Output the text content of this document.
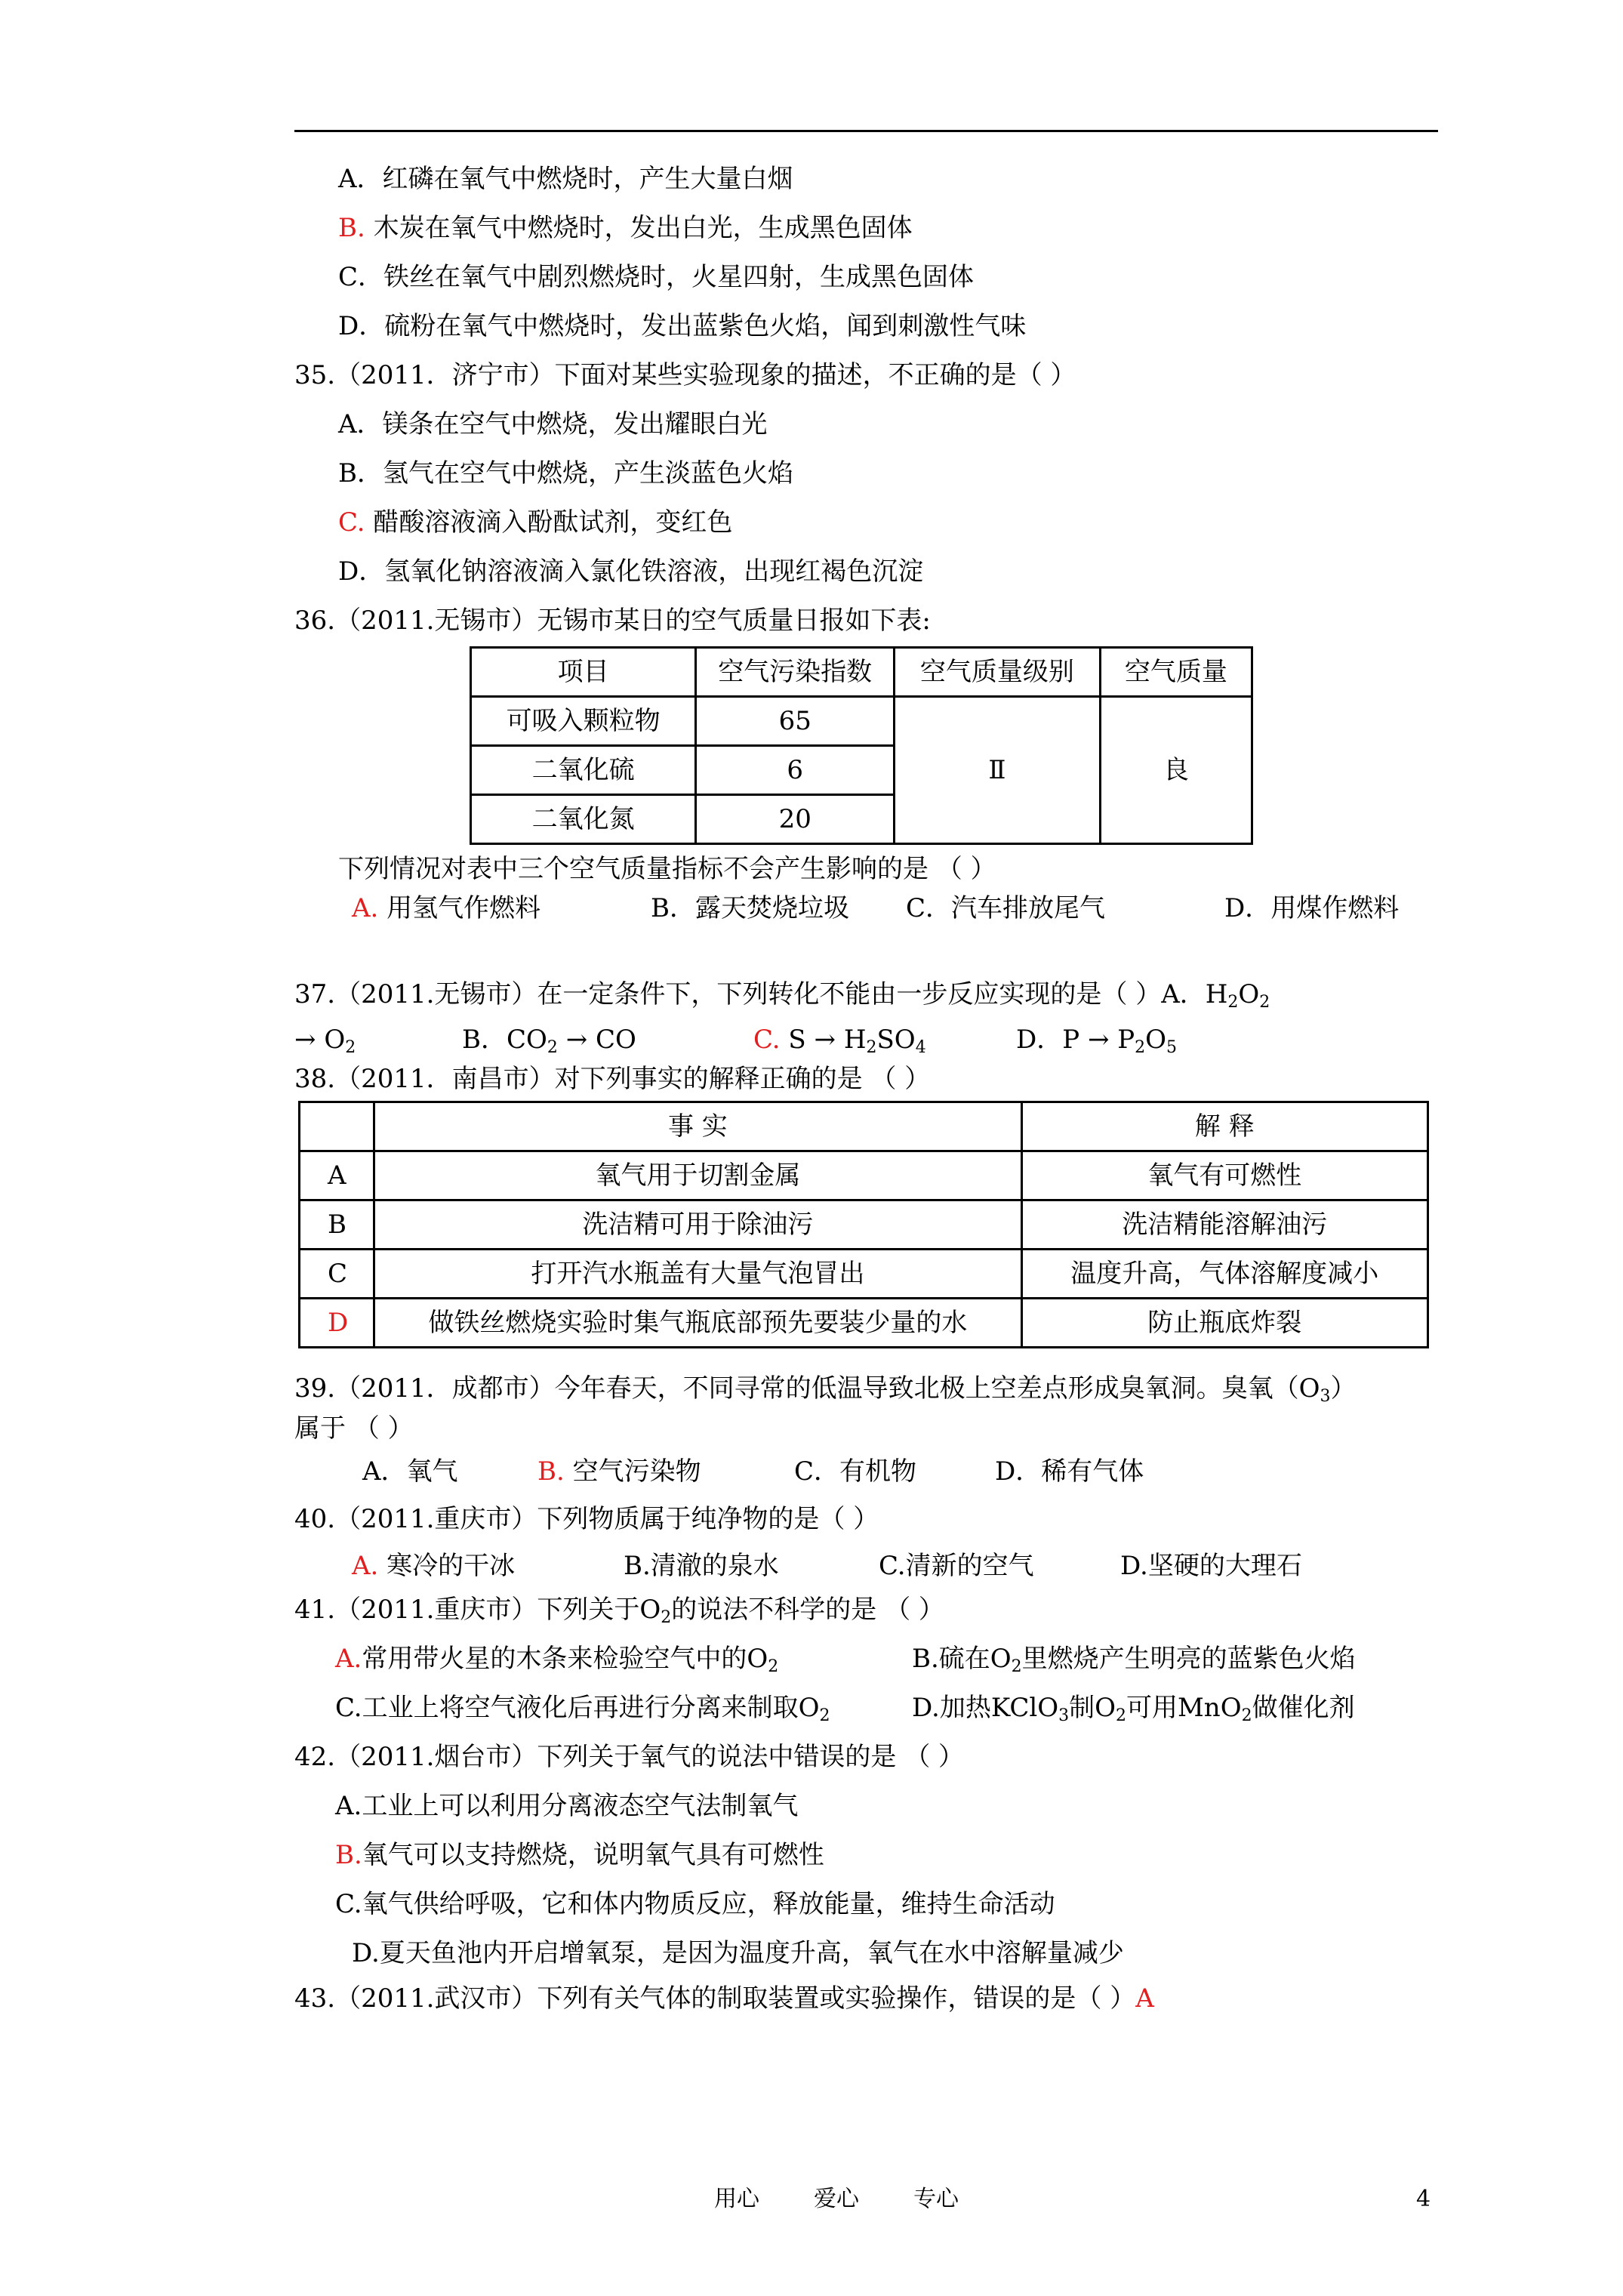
A．红磷在氧气中燃烧时，产生大量白烟
B. 木炭在氧气中燃烧时，发出白光，生成黑色固体
C．铁丝在氧气中剧烈燃烧时，火星四射，生成黑色固体
D．硫粉在氧气中燃烧时，发出蓝紫色火焰，闻到刺激性气味
35.（2011．济宁市）下面对某些实验现象的描述，不正确的是（ ）
A．镁条在空气中燃烧，发出耀眼白光
B．氢气在空气中燃烧，产生淡蓝色火焰
C. 醋酸溶液滴入酚酞试剂，变红色
D．氢氧化钠溶液滴入氯化铁溶液，出现红褐色沉淀
36.（2011.无锡市）无锡市某日的空气质量日报如下表:
项目	空气污染指数	空气质量级别	空气质量
可吸入颗粒物	65	Ⅱ	良
二氧化硫	6		
二氧化氮	20		
下列情况对表中三个空气质量指标不会产生影响的是 （ ）
A. 用氢气作燃料	B．露天焚烧垃圾 C．汽车排放尾气	D．用煤作燃料
37.（2011.无锡市）在一定条件下，下列转化不能由一步反应实现的是（ ）A．$H_2O_2$
→ $O_2$	B．$CO_2$ → CO	C. $S \to H_2SO_4$	D．$P \to P_2O_5$
38.（2011．南昌市）对下列事实的解释正确的是 （ ）
	事 实	解 释
A	氧气用于切割金属	氧气有可燃性
B	洗洁精可用于除油污	洗洁精能溶解油污
C	打开汽水瓶盖有大量气泡冒出	温度升高，气体溶解度减小
D	做铁丝燃烧实验时集气瓶底部预先要装少量的水	防止瓶底炸裂
39.（2011．成都市）今年春天，不同寻常的低温导致北极上空差点形成臭氧洞。臭氧$(O_3)$
属于 （ ）
A．氧气	B. 空气污染物	C．有机物	D．稀有气体
40.（2011.重庆市）下列物质属于纯净物的是（ ）
A. 寒冷的干冰	B.清澈的泉水	C.清新的空气	D.坚硬的大理石
41.（2011.重庆市）下列关于$O_2$的说法不科学的是 （ ）
A.常用带火星的木条来检验空气中的$O_2$	B.硫在$O_2$里燃烧产生明亮的蓝紫色火焰
C.工业上将空气液化后再进行分离来制取$O_2$	D.加热KClO$_3$制$O_2$可用MnO$_2$做催化剂
42.（2011.烟台市）下列关于氧气的说法中错误的是 （ ）
A.工业上可以利用分离液态空气法制氧气
B.氧气可以支持燃烧，说明氧气具有可燃性
C.氧气供给呼吸，它和体内物质反应，释放能量，维持生命活动
D.夏天鱼池内开启增氧泵，是因为温度升高，氧气在水中溶解量减少
43.（2011.武汉市）下列有关气体的制取装置或实验操作，错误的是（ ）A
用心 爱心 专心	4
